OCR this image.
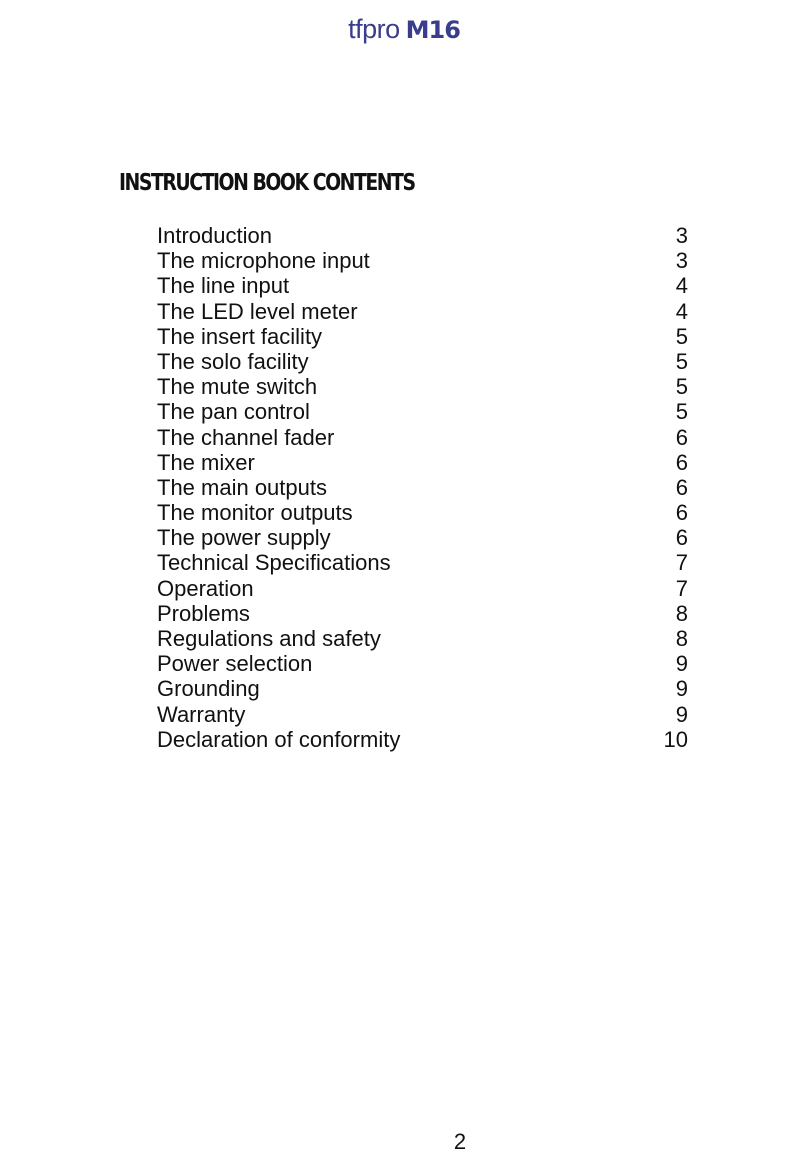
tfpro M16
INSTRUCTION BOOK CONTENTS
Introduction	3
The microphone input	3
The line input	4
The LED level meter	4
The insert facility	5
The solo facility	5
The mute switch	5
The pan control	5
The channel fader	6
The mixer	6
The main outputs	6
The monitor outputs	6
The power supply	6
Technical Specifications	7
Operation	7
Problems	8
Regulations and safety	8
Power selection	9
Grounding	9
Warranty	9
Declaration of conformity	10
2
